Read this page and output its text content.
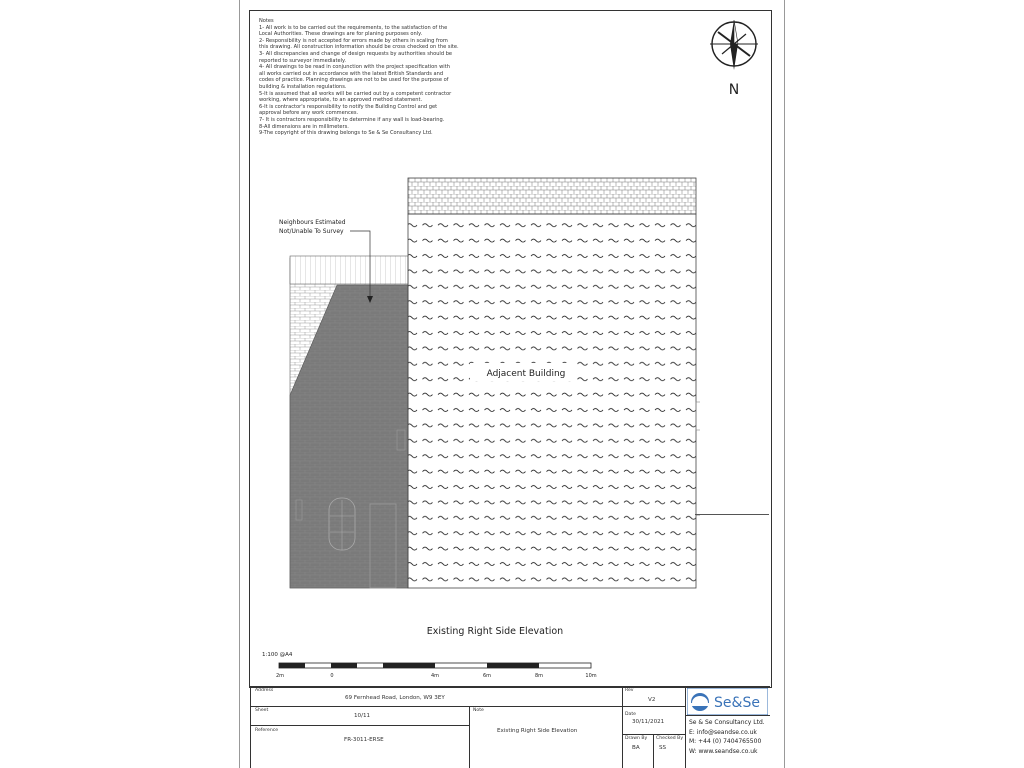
Notes
1- All work is to be carried out the requirements, to the satisfaction of the
Local Authorities. These drawings are for planing purposes only.
2- Responsibility is not accepted for errors made by others in scaling from
this drawing. All construction information should be cross checked on the site.
3- All discrepancies and change of design requests by authorities should be
reported to surveyor immediately.
4- All drawings to be read in conjunction with the project specification with
all works carried out in accordance with the latest British Standards and
codes of practice. Planning drawings are not to be used for the purpose of
building & installation regulations.
5-It is assumed that all works will be carried out by a competent contractor
working, where appropriate, to an approved method statement.
6-It is contractor's responsibility to notify the Building Control and get
approval before any work commences.
7- It is contractors responsibility to determine if any wall is load-bearing.
8-All dimensions are in millimeters.
9-The copyright of this drawing belongs to Se & Se Consultancy Ltd.
N
Adjacent Building
Neighbours Estimated
Not/Unable To Survey
Existing Right Side Elevation
1:100 @A4
2m	0	4m	6m	8m	10m
Address
69 Fernhead Road, London, W9 3EY
Sheet
10/11
Reference
FR-3011-ERSE
Note
Existing Right Side Elevation
Rev
V2
Date
30/11/2021
Drawn By
BA
Checked By
SS
Se&Se
Se & Se Consultancy Ltd.
E: info@seandse.co.uk
M: +44 (0) 7404765500
W: www.seandse.co.uk
